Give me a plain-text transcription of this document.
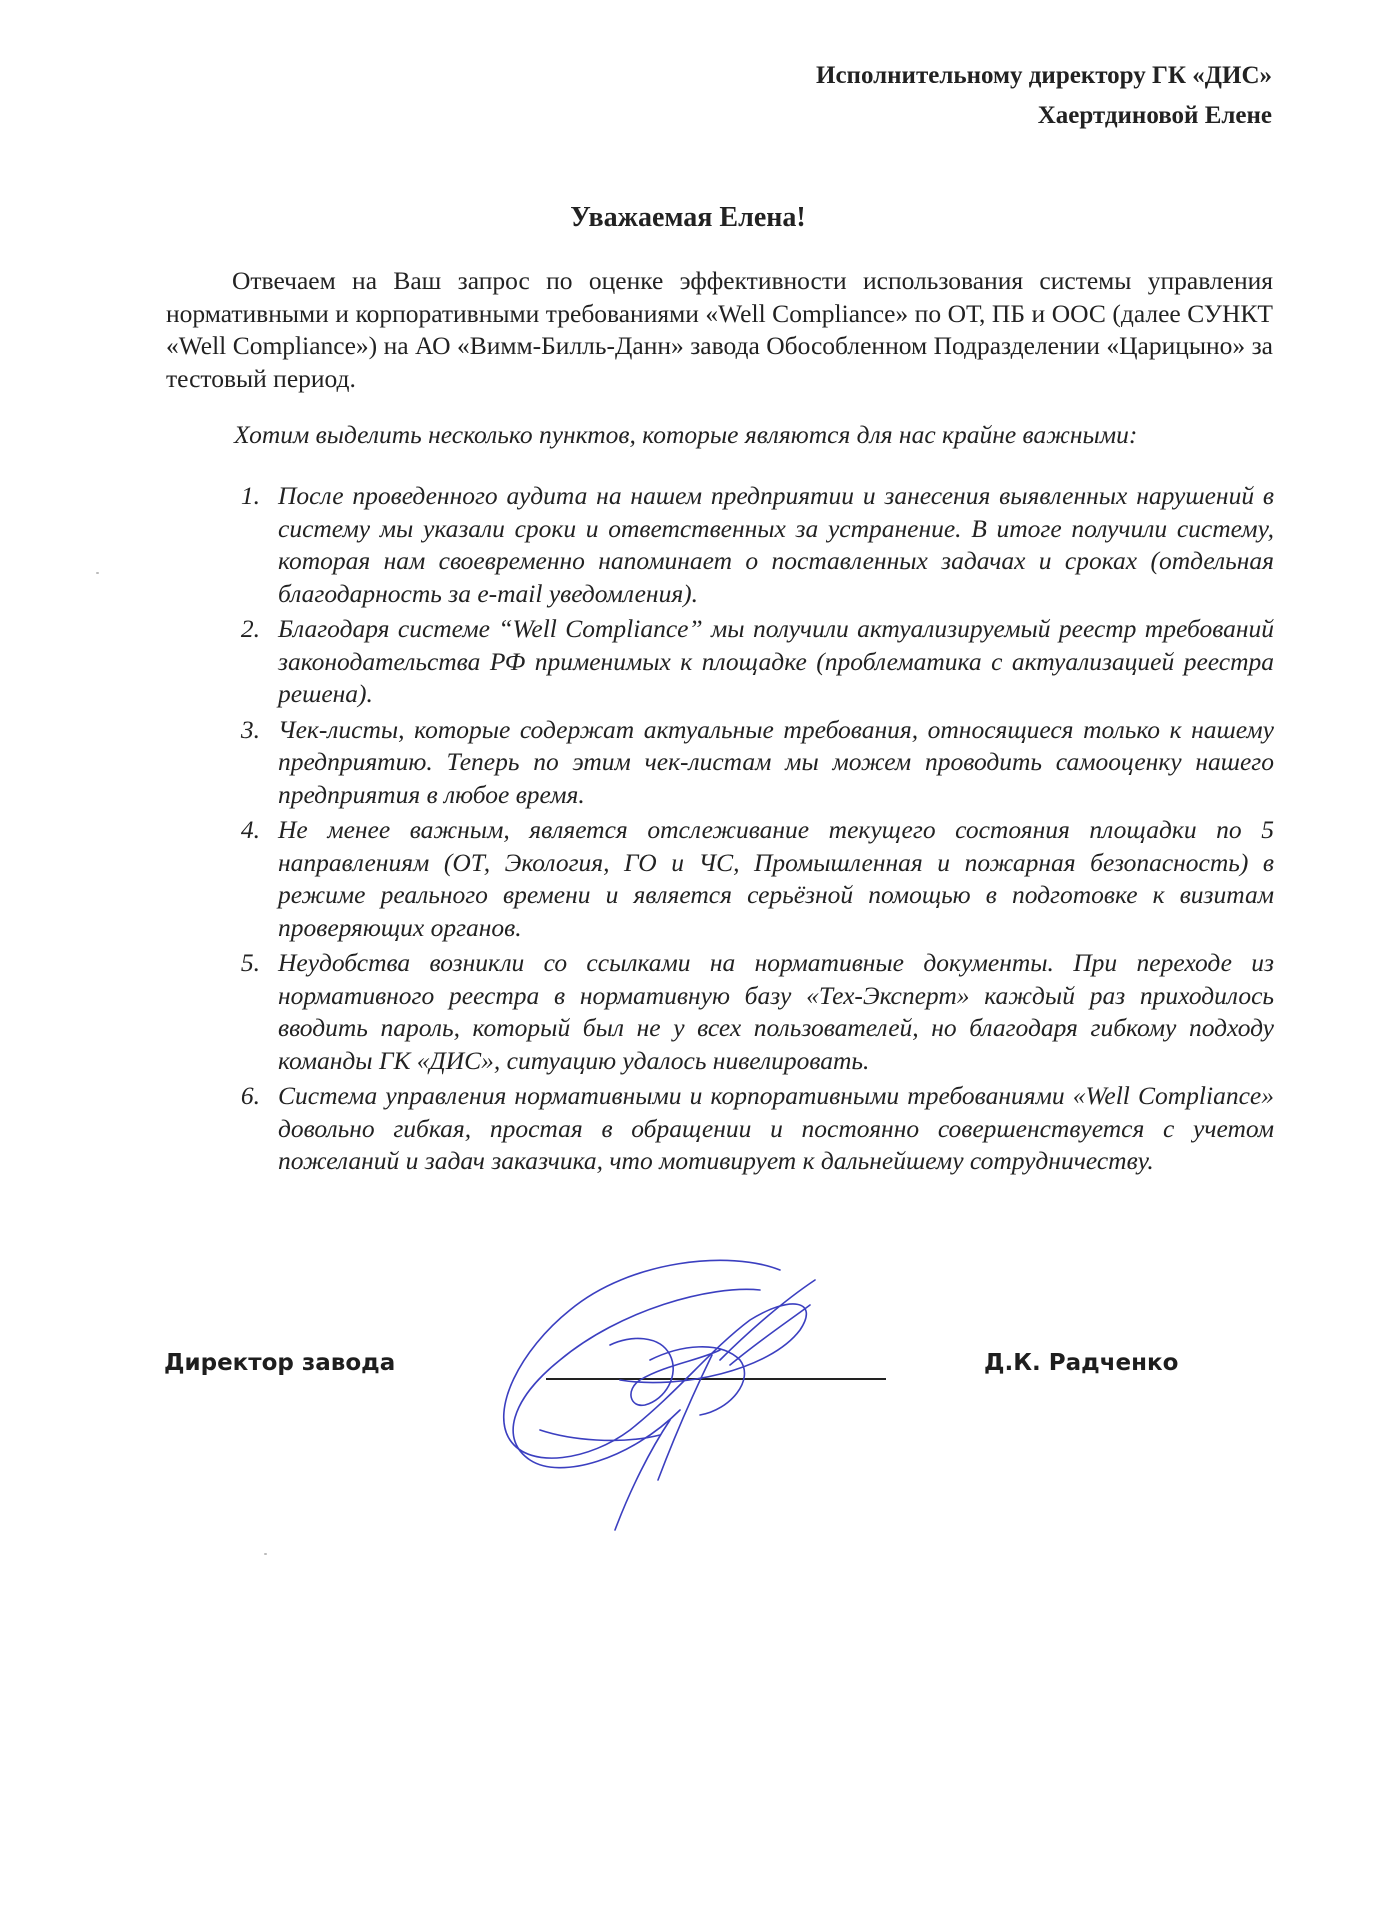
Исполнительному директору ГК «ДИС»
Хаертдиновой Елене
Уважаемая Елена!

Отвечаем на Ваш запрос по оценке эффективности использования системы управления нормативными и корпоративными требованиями «Well Compliance» по ОТ, ПБ и ООС (далее СУНКТ «Well Compliance») на АО «Вимм-Билль-Данн» завода Обособленном Подразделении «Царицыно» за тестовый период.

Хотим выделить несколько пунктов, которые являются для нас крайне важными:

1. После проведенного аудита на нашем предприятии и занесения выявленных нарушений в систему мы указали сроки и ответственных за устранение. В итоге получили систему, которая нам своевременно напоминает о поставленных задачах и сроках (отдельная благодарность за e-mail уведомления).
2. Благодаря системе “Well Compliance” мы получили актуализируемый реестр требований законодательства РФ применимых к площадке (проблематика с актуализацией реестра решена).
3. Чек-листы, которые содержат актуальные требования, относящиеся только к нашему предприятию. Теперь по этим чек-листам мы можем проводить самооценку нашего предприятия в любое время.
4. Не менее важным, является отслеживание текущего состояния площадки по 5 направлениям (ОТ, Экология, ГО и ЧС, Промышленная и пожарная безопасность) в режиме реального времени и является серьёзной помощью в подготовке к визитам проверяющих органов.
5. Неудобства возникли со ссылками на нормативные документы. При переходе из нормативного реестра в нормативную базу «Тех-Эксперт» каждый раз приходилось вводить пароль, который был не у всех пользователей, но благодаря гибкому подходу команды ГК «ДИС», ситуацию удалось нивелировать.
6. Система управления нормативными и корпоративными требованиями «Well Compliance» довольно гибкая, простая в обращении и постоянно совершенствуется с учетом пожеланий и задач заказчика, что мотивирует к дальнейшему сотрудничеству.
Директор завода	Д.К. Радченко
